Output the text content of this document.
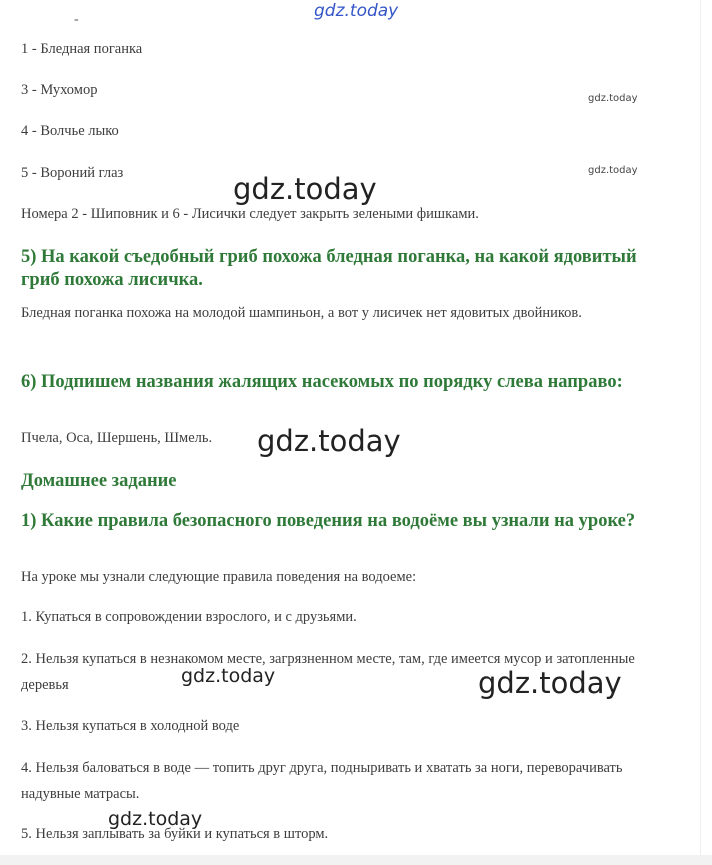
-

1 - Бледная поганка

3 - Мухомор

4 - Волчье лыко

5 - Вороний глаз

Номера 2 - Шиповник и 6 - Лисички следует закрыть зелеными фишками.

5) На какой съедобный гриб похожа бледная поганка, на какой ядовитый гриб похожа лисичка.

Бледная поганка похожа на молодой шампиньон, а вот у лисичек нет ядовитых двойников.

6) Подпишем названия жалящих насекомых по порядку слева направо:

Пчела, Оса, Шершень, Шмель.

Домашнее задание
1) Какие правила безопасного поведения на водоёме вы узнали на уроке?

На уроке мы узнали следующие правила поведения на водоеме:

1. Купаться в сопровождении взрослого, и с друзьями.

2. Нельзя купаться в незнакомом месте, загрязненном месте, там, где имеется мусор и затопленные деревья

3. Нельзя купаться в холодной воде

4. Нельзя баловаться в воде — топить друг друга, подныривать и хватать за ноги, переворачивать надувные матрасы.

5. Нельзя заплывать за буйки и купаться в шторм.

gdz.today
gdz.today
gdz.today
gdz.today
gdz.today
gdz.today	gdz.today
gdz.today
